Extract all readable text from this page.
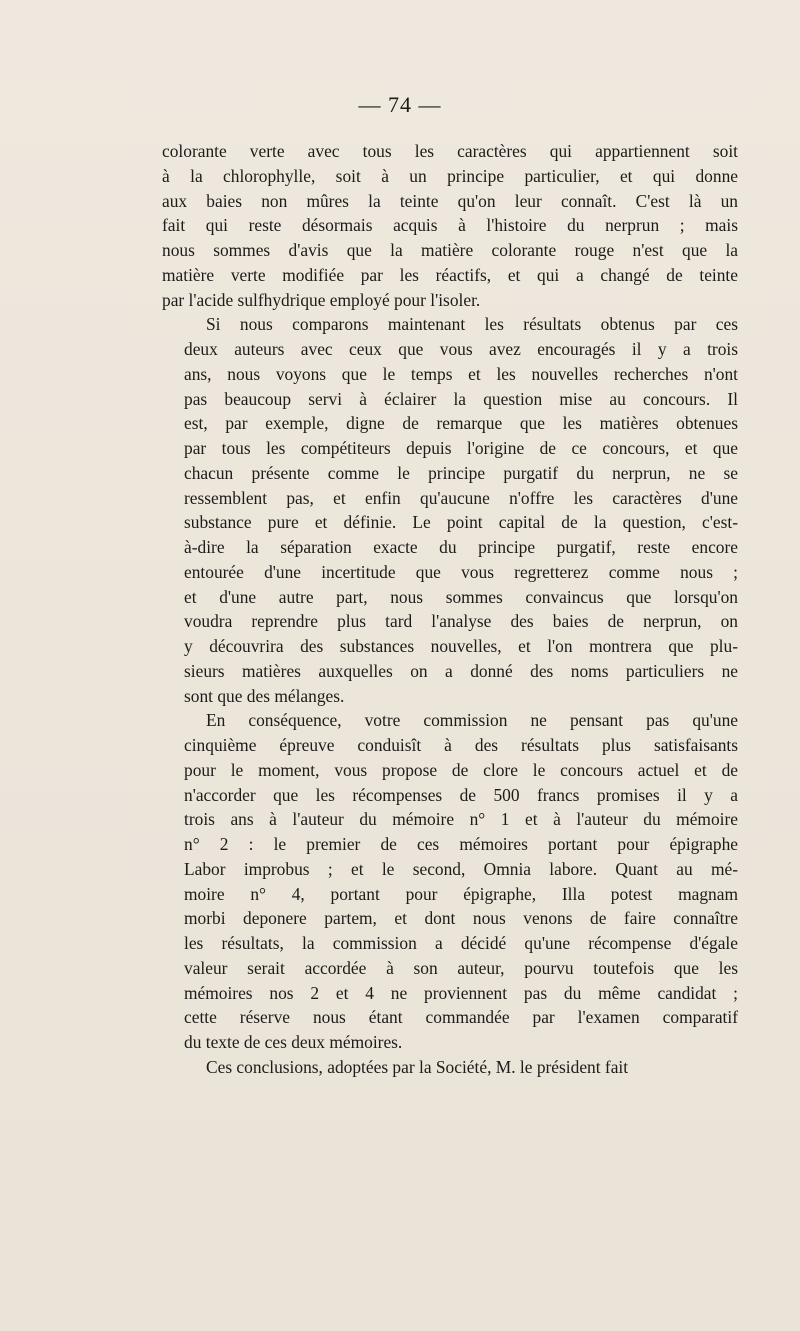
— 74 —
colorante verte avec tous les caractères qui appartiennent soit
à la chlorophylle, soit à un principe particulier, et qui donne
aux baies non mûres la teinte qu'on leur connaît. C'est là un
fait qui reste désormais acquis à l'histoire du nerprun ; mais
nous sommes d'avis que la matière colorante rouge n'est que la
matière verte modifiée par les réactifs, et qui a changé de teinte
par l'acide sulfhydrique employé pour l'isoler.
Si nous comparons maintenant les résultats obtenus par ces
deux auteurs avec ceux que vous avez encouragés il y a trois
ans, nous voyons que le temps et les nouvelles recherches n'ont
pas beaucoup servi à éclairer la question mise au concours. Il
est, par exemple, digne de remarque que les matières obtenues
par tous les compétiteurs depuis l'origine de ce concours, et que
chacun présente comme le principe purgatif du nerprun, ne se
ressemblent pas, et enfin qu'aucune n'offre les caractères d'une
substance pure et définie. Le point capital de la question, c'est-
à-dire la séparation exacte du principe purgatif, reste encore
entourée d'une incertitude que vous regretterez comme nous ;
et d'une autre part, nous sommes convaincus que lorsqu'on
voudra reprendre plus tard l'analyse des baies de nerprun, on
y découvrira des substances nouvelles, et l'on montrera que plu-
sieurs matières auxquelles on a donné des noms particuliers ne
sont que des mélanges.
En conséquence, votre commission ne pensant pas qu'une
cinquième épreuve conduisît à des résultats plus satisfaisants
pour le moment, vous propose de clore le concours actuel et de
n'accorder que les récompenses de 500 francs promises il y a
trois ans à l'auteur du mémoire n° 1 et à l'auteur du mémoire
n° 2 : le premier de ces mémoires portant pour épigraphe
Labor improbus ; et le second, Omnia labore. Quant au mé-
moire n° 4, portant pour épigraphe, Illa potest magnam
morbi deponere partem, et dont nous venons de faire connaître
les résultats, la commission a décidé qu'une récompense d'égale
valeur serait accordée à son auteur, pourvu toutefois que les
mémoires nos 2 et 4 ne proviennent pas du même candidat ;
cette réserve nous étant commandée par l'examen comparatif
du texte de ces deux mémoires.
Ces conclusions, adoptées par la Société, M. le président fait
